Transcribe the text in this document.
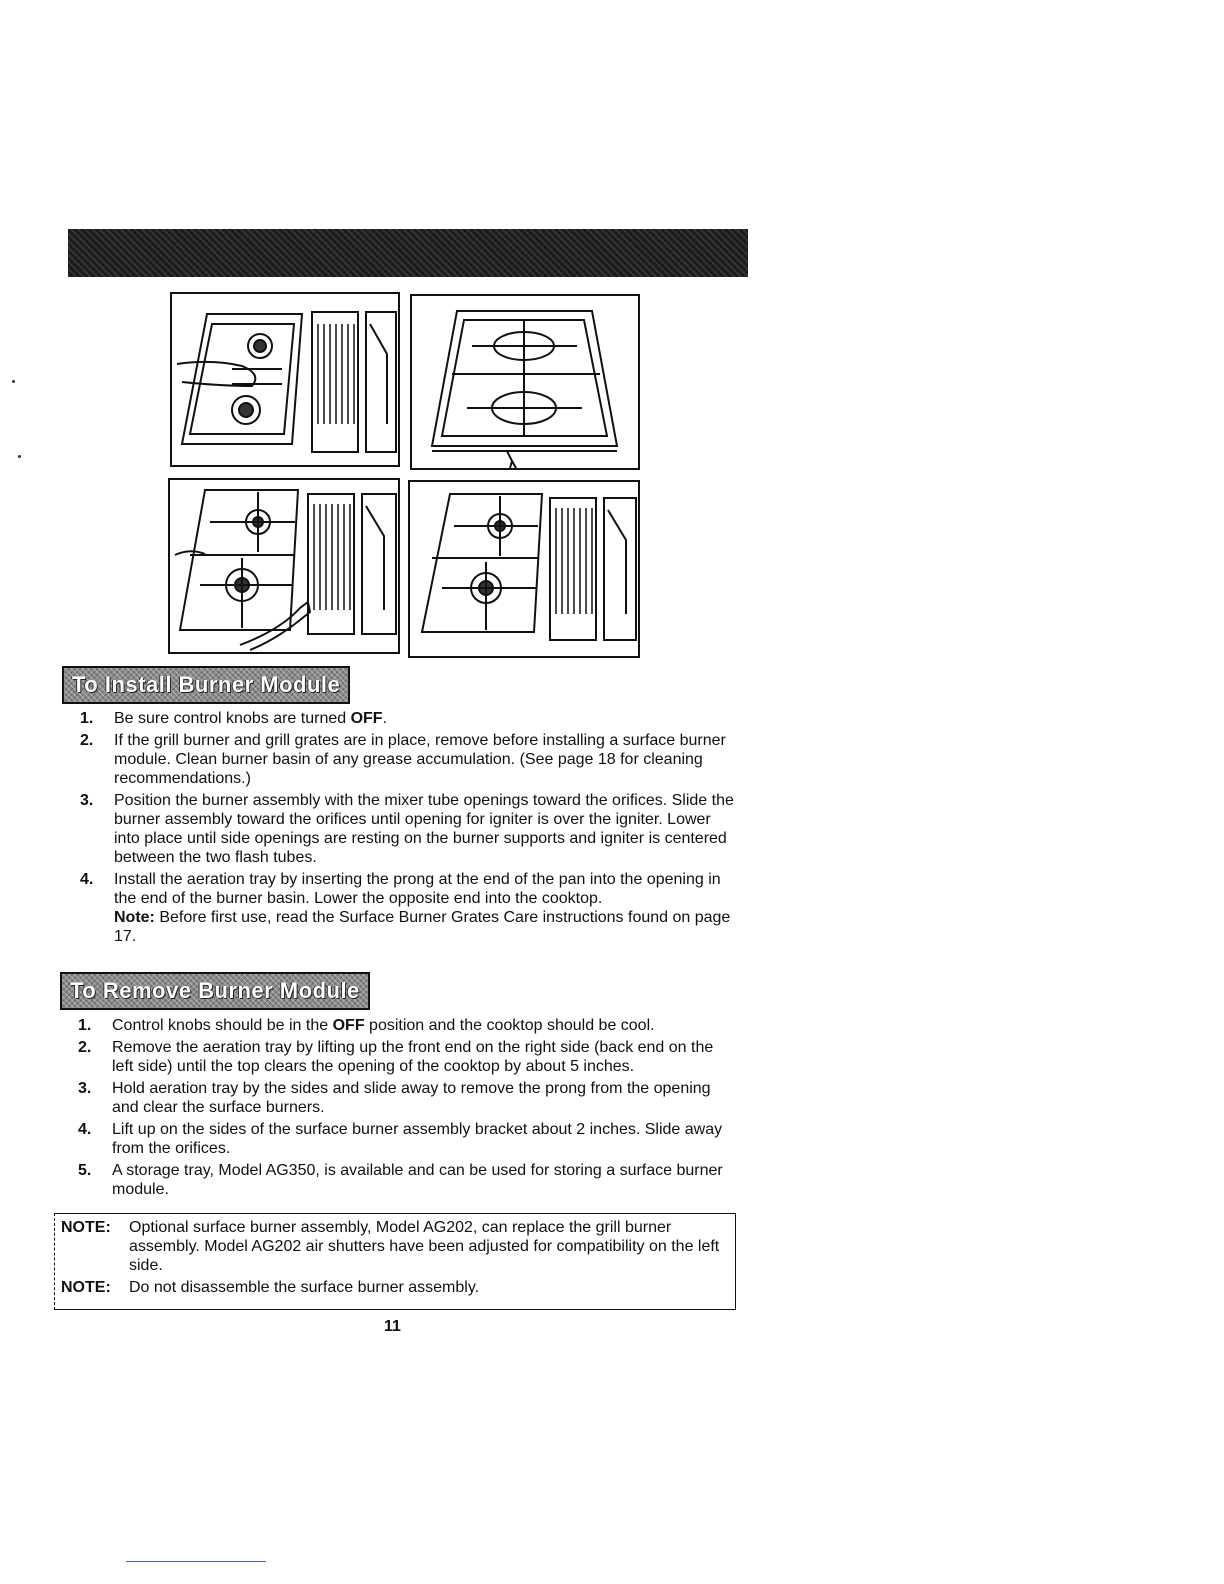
To Install Burner Module
1.	Be sure control knobs are turned OFF.
2.	If the grill burner and grill grates are in place, remove before installing a surface burner module. Clean burner basin of any grease accumulation. (See page 18 for cleaning recommendations.)
3.	Position the burner assembly with the mixer tube openings toward the orifices. Slide the burner assembly toward the orifices until opening for igniter is over the igniter. Lower into place until side openings are resting on the burner supports and igniter is centered between the two flash tubes.
4.	Install the aeration tray by inserting the prong at the end of the pan into the opening in the end of the burner basin. Lower the opposite end into the cooktop.
Note: Before first use, read the Surface Burner Grates Care instructions found on page 17.
To Remove Burner Module
1.	Control knobs should be in the OFF position and the cooktop should be cool.
2.	Remove the aeration tray by lifting up the front end on the right side (back end on the left side) until the top clears the opening of the cooktop by about 5 inches.
3.	Hold aeration tray by the sides and slide away to remove the prong from the opening and clear the surface burners.
4.	Lift up on the sides of the surface burner assembly bracket about 2 inches. Slide away from the orifices.
5.	A storage tray, Model AG350, is available and can be used for storing a surface burner module.
NOTE: Optional surface burner assembly, Model AG202, can replace the grill burner assembly. Model AG202 air shutters have been adjusted for compatibility on the left side.
NOTE: Do not disassemble the surface burner assembly.
11
